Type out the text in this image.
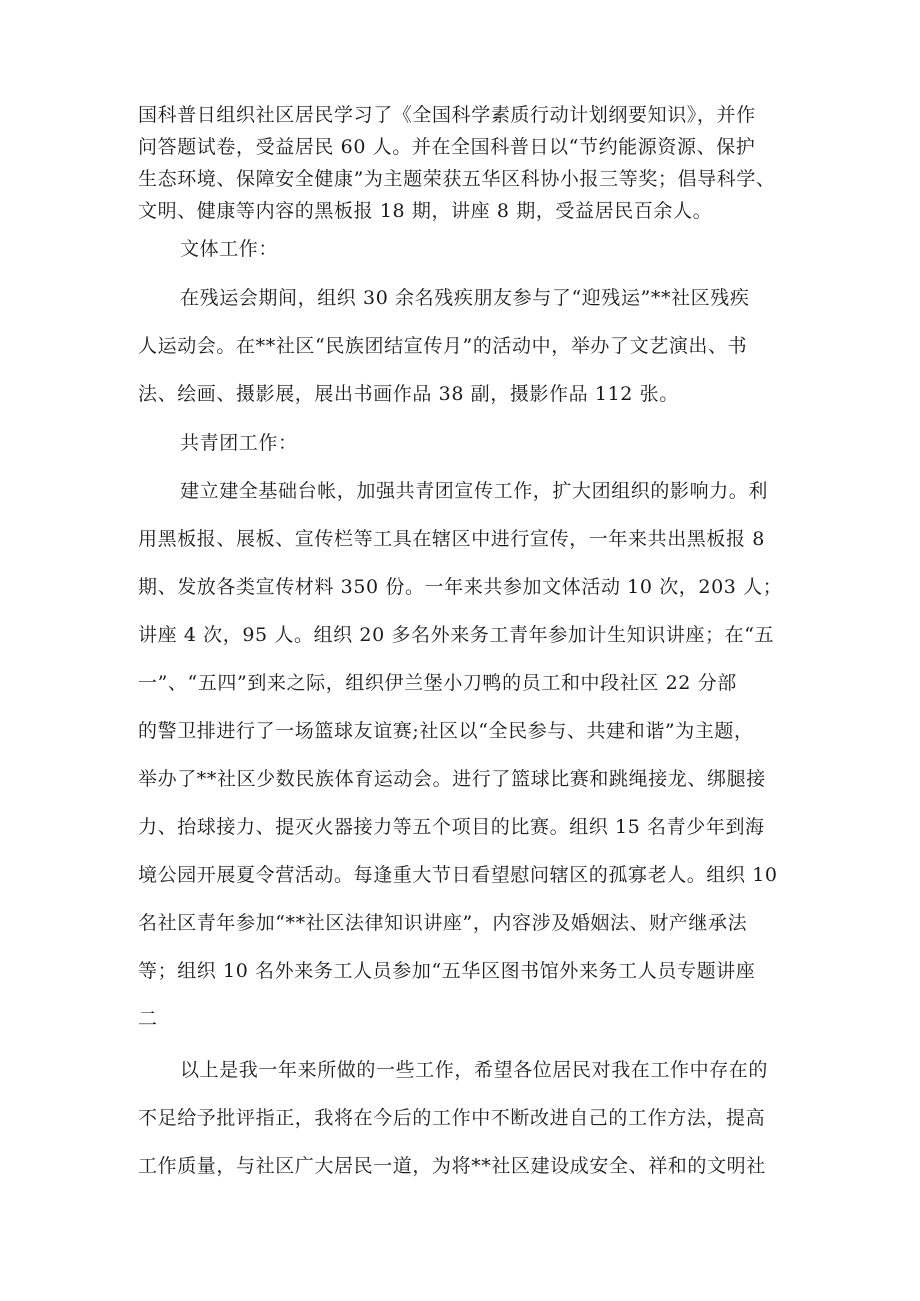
国科普日组织社区居民学习了《全国科学素质行动计划纲要知识》，并作
问答题试卷，受益居民 60 人。并在全国科普日以“节约能源资源、保护
生态环境、保障安全健康”为主题荣获五华区科协小报三等奖；倡导科学、
文明、健康等内容的黑板报 18 期，讲座 8 期，受益居民百余人。
文体工作：
在残运会期间，组织 30 余名残疾朋友参与了“迎残运”**社区残疾
人运动会。在**社区“民族团结宣传月”的活动中，举办了文艺演出、书
法、绘画、摄影展，展出书画作品 38 副，摄影作品 112 张。
共青团工作：
建立建全基础台帐，加强共青团宣传工作，扩大团组织的影响力。利
用黑板报、展板、宣传栏等工具在辖区中进行宣传，一年来共出黑板报 8
期、发放各类宣传材料 350 份。一年来共参加文体活动 10 次，203 人；
讲座 4 次，95 人。组织 20 多名外来务工青年参加计生知识讲座；在“五
一”、“五四”到来之际，组织伊兰堡小刀鸭的员工和中段社区 22 分部
的警卫排进行了一场篮球友谊赛;社区以“全民参与、共建和谐”为主题，
举办了**社区少数民族体育运动会。进行了篮球比赛和跳绳接龙、绑腿接
力、抬球接力、提灭火器接力等五个项目的比赛。组织 15 名青少年到海
境公园开展夏令营活动。每逢重大节日看望慰问辖区的孤寡老人。组织 10
名社区青年参加“**社区法律知识讲座”，内容涉及婚姻法、财产继承法
等；组织 10 名外来务工人员参加“五华区图书馆外来务工人员专题讲座
二
以上是我一年来所做的一些工作，希望各位居民对我在工作中存在的
不足给予批评指正，我将在今后的工作中不断改进自己的工作方法，提高
工作质量，与社区广大居民一道，为将**社区建设成安全、祥和的文明社
